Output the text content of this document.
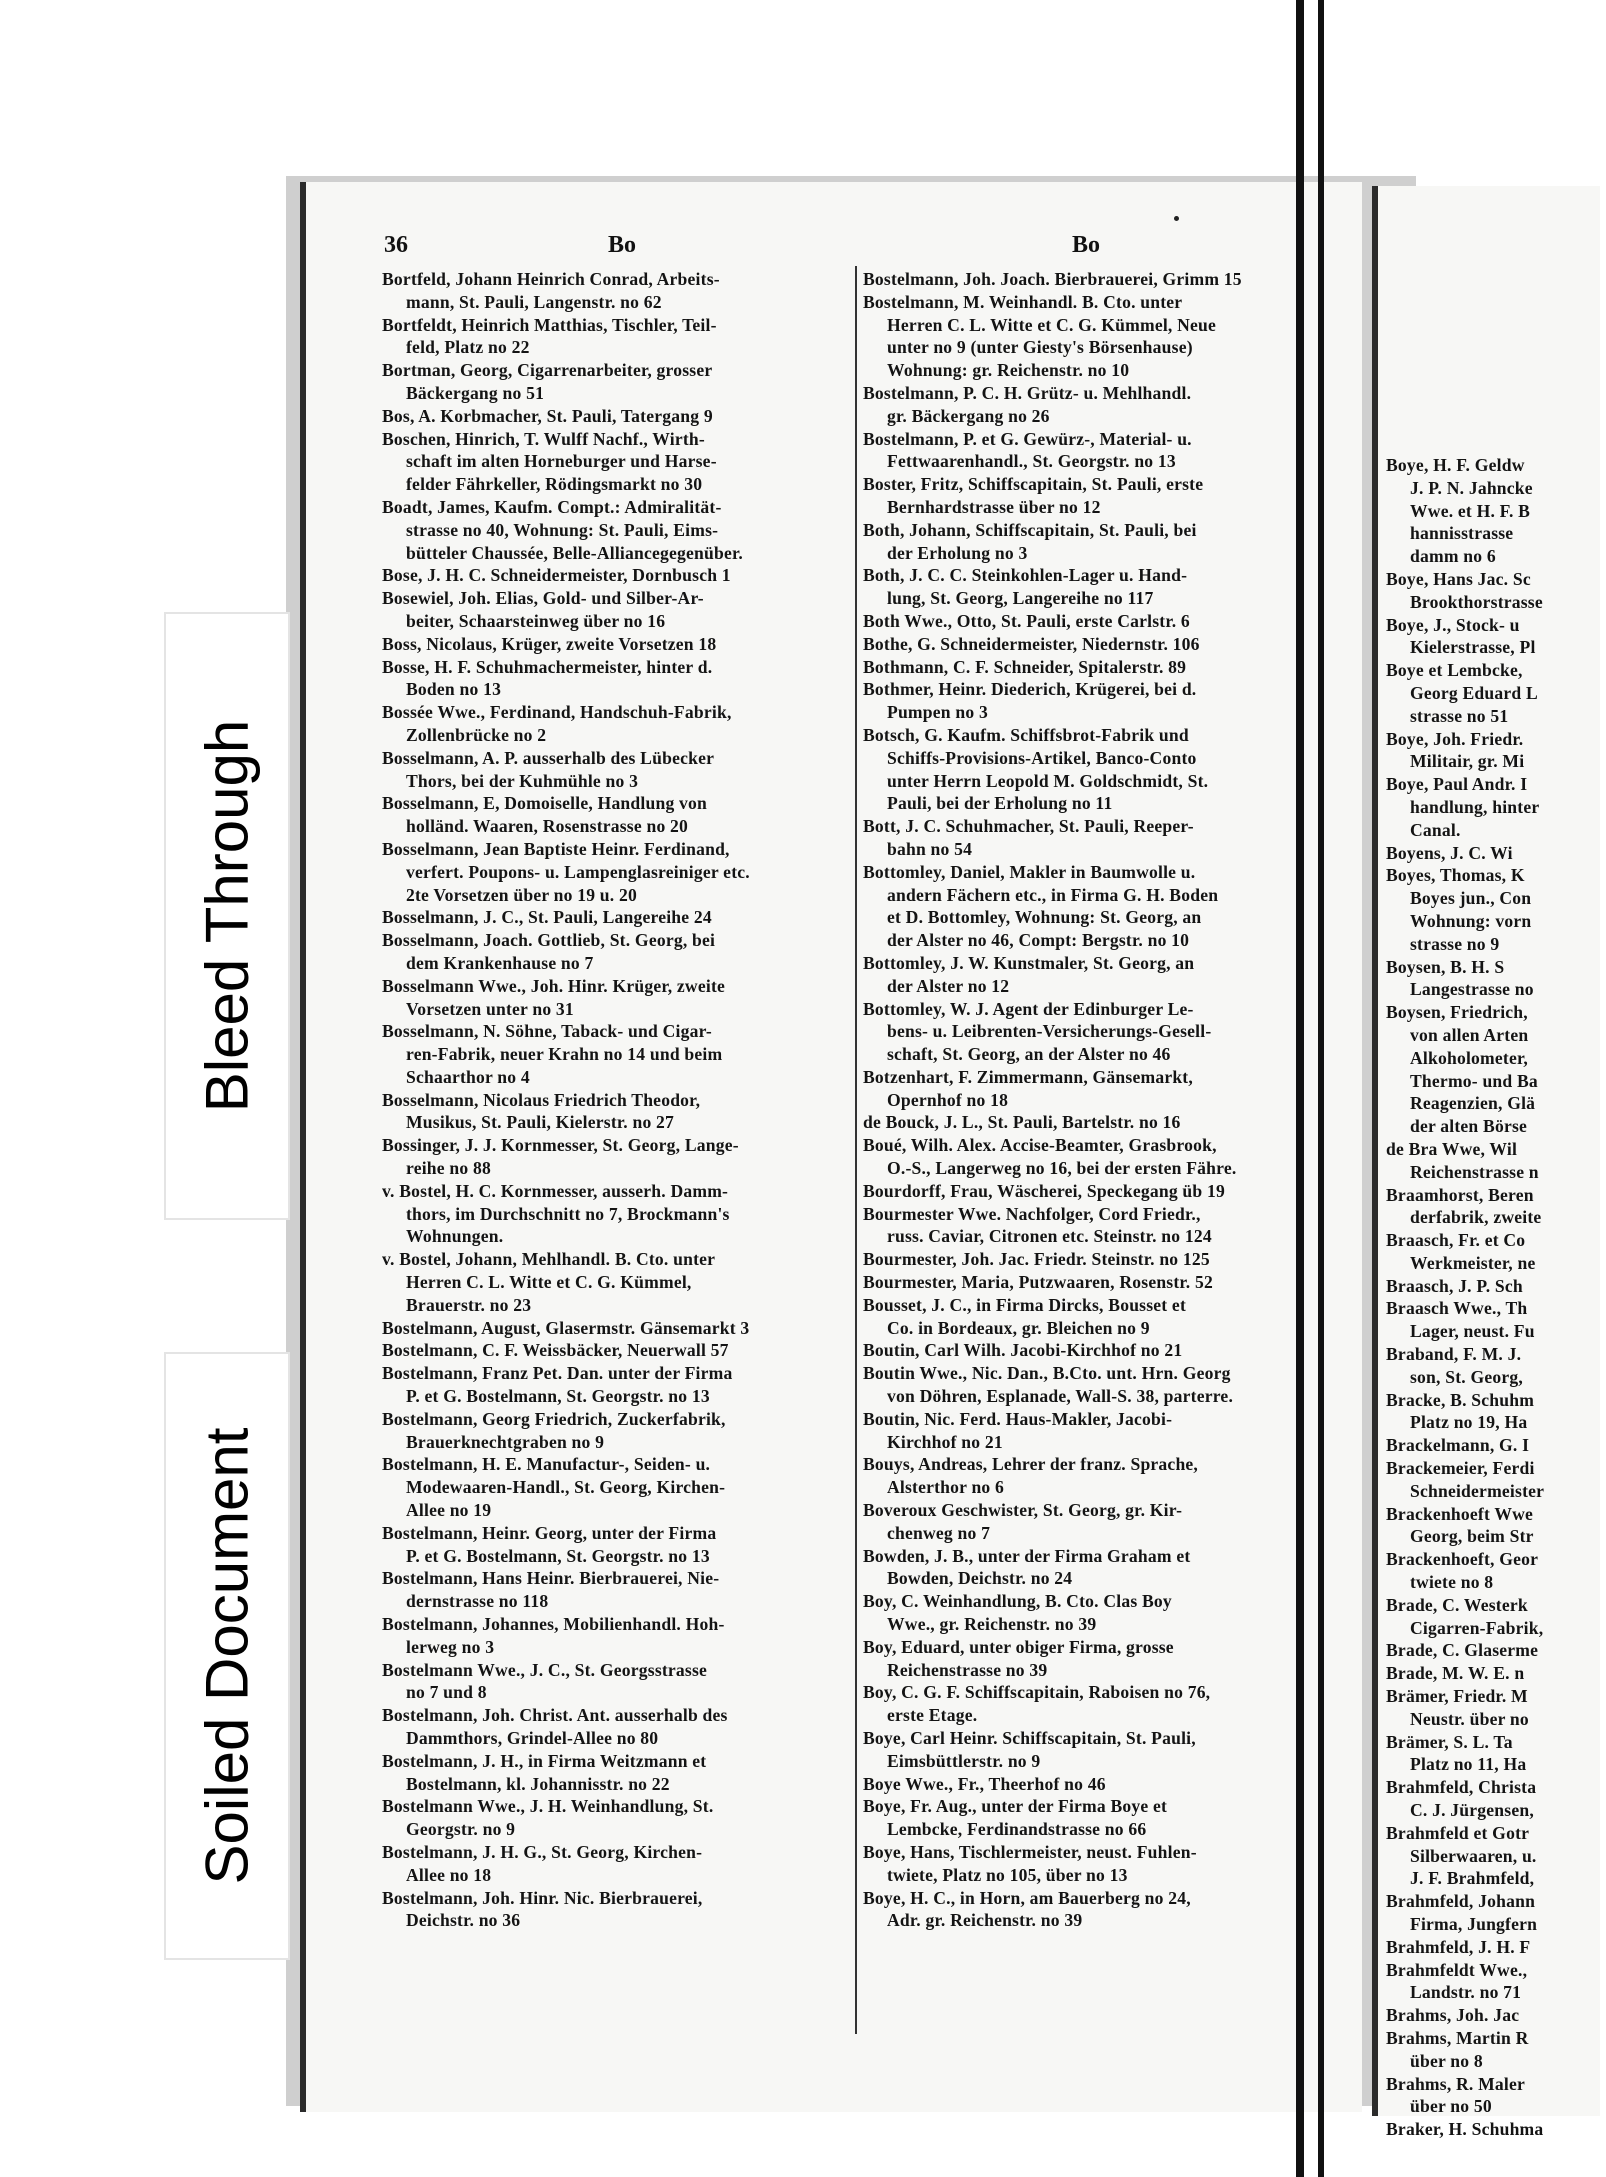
Boye, H. F. Geldw
J. P. N. Jahncke
Wwe. et H. F. B
hannisstrasse
damm no 6
Boye, Hans Jac. Sc
Brookthorstrasse
Boye, J., Stock- u
Kielerstrasse, Pl
Boye et Lembcke,
Georg Eduard L
strasse no 51
Boye, Joh. Friedr.
Militair, gr. Mi
Boye, Paul Andr. I
handlung, hinter
Canal.
Boyens, J. C. Wi
Boyes, Thomas, K
Boyes jun., Con
Wohnung: vorn
strasse no 9
Boysen, B. H. S
Langestrasse no
Boysen, Friedrich,
von allen Arten
Alkoholometer,
Thermo- und Ba
Reagenzien, Glä
der alten Börse
de Bra Wwe, Wil
Reichenstrasse n
Braamhorst, Beren
derfabrik, zweite
Braasch, Fr. et Co
Werkmeister, ne
Braasch, J. P. Sch
Braasch Wwe., Th
Lager, neust. Fu
Braband, F. M. J.
son, St. Georg,
Bracke, B. Schuhm
Platz no 19, Ha
Brackelmann, G. I
Brackemeier, Ferdi
Schneidermeister
Brackenhoeft Wwe
Georg, beim Str
Brackenhoeft, Geor
twiete no 8
Brade, C. Westerk
Cigarren-Fabrik,
Brade, C. Glaserme
Brade, M. W. E. n
Brämer, Friedr. M
Neustr. über no
Brämer, S. L. Ta
Platz no 11, Ha
Brahmfeld, Christa
C. J. Jürgensen,
Brahmfeld et Gotr
Silberwaaren, u.
J. F. Brahmfeld,
Brahmfeld, Johann
Firma, Jungfern
Brahmfeld, J. H. F
Brahmfeldt Wwe.,
Landstr. no 71
Brahms, Joh. Jac
Brahms, Martin R
über no 8
Brahms, R. Maler
über no 50
Braker, H. Schuhma
36	Bo	Bo
Bortfeld, Johann Heinrich Conrad, Arbeits-
mann, St. Pauli, Langenstr. no 62
Bortfeldt, Heinrich Matthias, Tischler, Teil-
feld, Platz no 22
Bortman, Georg, Cigarrenarbeiter, grosser
Bäckergang no 51
Bos, A. Korbmacher, St. Pauli, Tatergang 9
Boschen, Hinrich, T. Wulff Nachf., Wirth-
schaft im alten Horneburger und Harse-
felder Fährkeller, Rödingsmarkt no 30
Boadt, James, Kaufm. Compt.: Admiralität-
strasse no 40, Wohnung: St. Pauli, Eims-
bütteler Chaussée, Belle-Alliancegegenüber.
Bose, J. H. C. Schneidermeister, Dornbusch 1
Bosewiel, Joh. Elias, Gold- und Silber-Ar-
beiter, Schaarsteinweg über no 16
Boss, Nicolaus, Krüger, zweite Vorsetzen 18
Bosse, H. F. Schuhmachermeister, hinter d.
Boden no 13
Bossée Wwe., Ferdinand, Handschuh-Fabrik,
Zollenbrücke no 2
Bosselmann, A. P. ausserhalb des Lübecker
Thors, bei der Kuhmühle no 3
Bosselmann, E, Domoiselle, Handlung von
holländ. Waaren, Rosenstrasse no 20
Bosselmann, Jean Baptiste Heinr. Ferdinand,
verfert. Poupons- u. Lampenglasreiniger etc.
2te Vorsetzen über no 19 u. 20
Bosselmann, J. C., St. Pauli, Langereihe 24
Bosselmann, Joach. Gottlieb, St. Georg, bei
dem Krankenhause no 7
Bosselmann Wwe., Joh. Hinr. Krüger, zweite
Vorsetzen unter no 31
Bosselmann, N. Söhne, Taback- und Cigar-
ren-Fabrik, neuer Krahn no 14 und beim
Schaarthor no 4
Bosselmann, Nicolaus Friedrich Theodor,
Musikus, St. Pauli, Kielerstr. no 27
Bossinger, J. J. Kornmesser, St. Georg, Lange-
reihe no 88
v. Bostel, H. C. Kornmesser, ausserh. Damm-
thors, im Durchschnitt no 7, Brockmann's
Wohnungen.
v. Bostel, Johann, Mehlhandl. B. Cto. unter
Herren C. L. Witte et C. G. Kümmel,
Brauerstr. no 23
Bostelmann, August, Glasermstr. Gänsemarkt 3
Bostelmann, C. F. Weissbäcker, Neuerwall 57
Bostelmann, Franz Pet. Dan. unter der Firma
P. et G. Bostelmann, St. Georgstr. no 13
Bostelmann, Georg Friedrich, Zuckerfabrik,
Brauerknechtgraben no 9
Bostelmann, H. E. Manufactur-, Seiden- u.
Modewaaren-Handl., St. Georg, Kirchen-
Allee no 19
Bostelmann, Heinr. Georg, unter der Firma
P. et G. Bostelmann, St. Georgstr. no 13
Bostelmann, Hans Heinr. Bierbrauerei, Nie-
dernstrasse no 118
Bostelmann, Johannes, Mobilienhandl. Hoh-
lerweg no 3
Bostelmann Wwe., J. C., St. Georgsstrasse
no 7 und 8
Bostelmann, Joh. Christ. Ant. ausserhalb des
Dammthors, Grindel-Allee no 80
Bostelmann, J. H., in Firma Weitzmann et
Bostelmann, kl. Johannisstr. no 22
Bostelmann Wwe., J. H. Weinhandlung, St.
Georgstr. no 9
Bostelmann, J. H. G., St. Georg, Kirchen-
Allee no 18
Bostelmann, Joh. Hinr. Nic. Bierbrauerei,
Deichstr. no 36
Bostelmann, Joh. Joach. Bierbrauerei, Grimm 15
Bostelmann, M. Weinhandl. B. Cto. unter
Herren C. L. Witte et C. G. Kümmel, Neue
unter no 9 (unter Giesty's Börsenhause)
Wohnung: gr. Reichenstr. no 10
Bostelmann, P. C. H. Grütz- u. Mehlhandl.
gr. Bäckergang no 26
Bostelmann, P. et G. Gewürz-, Material- u.
Fettwaarenhandl., St. Georgstr. no 13
Boster, Fritz, Schiffscapitain, St. Pauli, erste
Bernhardstrasse über no 12
Both, Johann, Schiffscapitain, St. Pauli, bei
der Erholung no 3
Both, J. C. C. Steinkohlen-Lager u. Hand-
lung, St. Georg, Langereihe no 117
Both Wwe., Otto, St. Pauli, erste Carlstr. 6
Bothe, G. Schneidermeister, Niedernstr. 106
Bothmann, C. F. Schneider, Spitalerstr. 89
Bothmer, Heinr. Diederich, Krügerei, bei d.
Pumpen no 3
Botsch, G. Kaufm. Schiffsbrot-Fabrik und
Schiffs-Provisions-Artikel, Banco-Conto
unter Herrn Leopold M. Goldschmidt, St.
Pauli, bei der Erholung no 11
Bott, J. C. Schuhmacher, St. Pauli, Reeper-
bahn no 54
Bottomley, Daniel, Makler in Baumwolle u.
andern Fächern etc., in Firma G. H. Boden
et D. Bottomley, Wohnung: St. Georg, an
der Alster no 46, Compt: Bergstr. no 10
Bottomley, J. W. Kunstmaler, St. Georg, an
der Alster no 12
Bottomley, W. J. Agent der Edinburger Le-
bens- u. Leibrenten-Versicherungs-Gesell-
schaft, St. Georg, an der Alster no 46
Botzenhart, F. Zimmermann, Gänsemarkt,
Opernhof no 18
de Bouck, J. L., St. Pauli, Bartelstr. no 16
Boué, Wilh. Alex. Accise-Beamter, Grasbrook,
O.-S., Langerweg no 16, bei der ersten Fähre.
Bourdorff, Frau, Wäscherei, Speckegang üb 19
Bourmester Wwe. Nachfolger, Cord Friedr.,
russ. Caviar, Citronen etc. Steinstr. no 124
Bourmester, Joh. Jac. Friedr. Steinstr. no 125
Bourmester, Maria, Putzwaaren, Rosenstr. 52
Bousset, J. C., in Firma Dircks, Bousset et
Co. in Bordeaux, gr. Bleichen no 9
Boutin, Carl Wilh. Jacobi-Kirchhof no 21
Boutin Wwe., Nic. Dan., B.Cto. unt. Hrn. Georg
von Döhren, Esplanade, Wall-S. 38, parterre.
Boutin, Nic. Ferd. Haus-Makler, Jacobi-
Kirchhof no 21
Bouys, Andreas, Lehrer der franz. Sprache,
Alsterthor no 6
Boveroux Geschwister, St. Georg, gr. Kir-
chenweg no 7
Bowden, J. B., unter der Firma Graham et
Bowden, Deichstr. no 24
Boy, C. Weinhandlung, B. Cto. Clas Boy
Wwe., gr. Reichenstr. no 39
Boy, Eduard, unter obiger Firma, grosse
Reichenstrasse no 39
Boy, C. G. F. Schiffscapitain, Raboisen no 76,
erste Etage.
Boye, Carl Heinr. Schiffscapitain, St. Pauli,
Eimsbüttlerstr. no 9
Boye Wwe., Fr., Theerhof no 46
Boye, Fr. Aug., unter der Firma Boye et
Lembcke, Ferdinandstrasse no 66
Boye, Hans, Tischlermeister, neust. Fuhlen-
twiete, Platz no 105, über no 13
Boye, H. C., in Horn, am Bauerberg no 24,
Adr. gr. Reichenstr. no 39
Bleed Through
Soiled Document
